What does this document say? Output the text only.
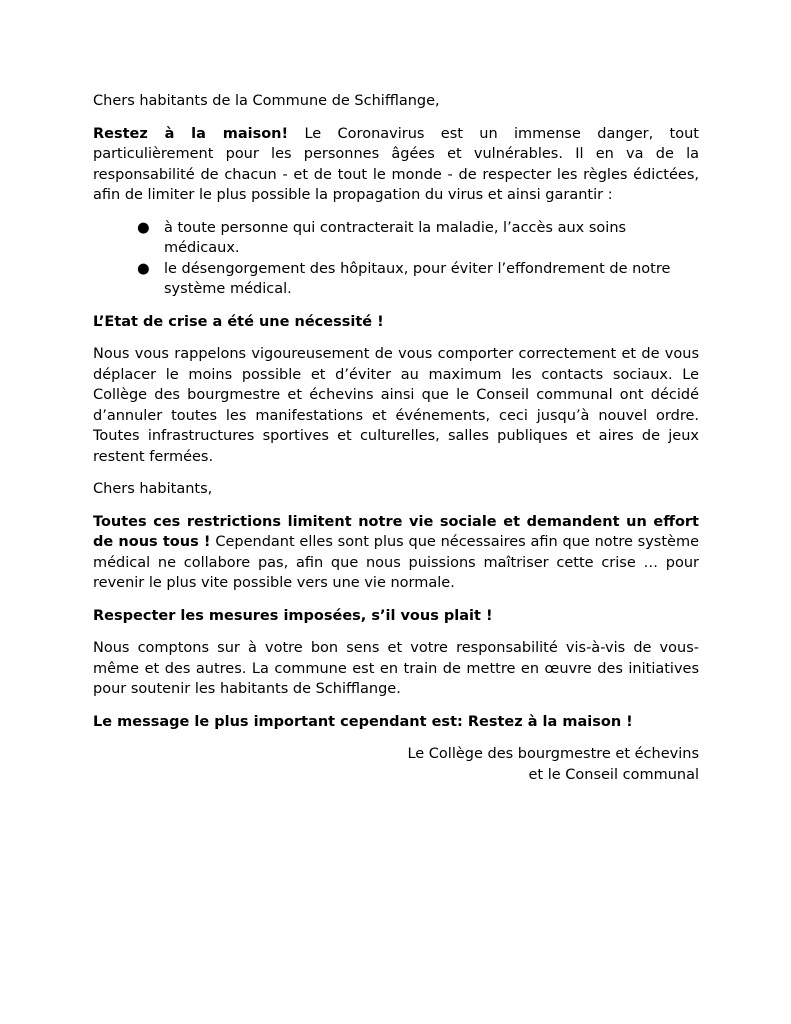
Chers habitants de la Commune de Schifflange,

Restez à la maison! Le Coronavirus est un immense danger, tout particulièrement pour les personnes âgées et vulnérables. Il en va de la responsabilité de chacun - et de tout le monde - de respecter les règles édictées, afin de limiter le plus possible la propagation du virus et ainsi garantir :

● à toute personne qui contracterait la maladie, l’accès aux soins médicaux.
● le désengorgement des hôpitaux, pour éviter l’effondrement de notre système médical.

L’Etat de crise a été une nécessité !

Nous vous rappelons vigoureusement de vous comporter correctement et de vous déplacer le moins possible et d’éviter au maximum les contacts sociaux. Le Collège des bourgmestre et échevins ainsi que le Conseil communal ont décidé d’annuler toutes les manifestations et événements, ceci jusqu’à nouvel ordre. Toutes infrastructures sportives et culturelles, salles publiques et aires de jeux restent fermées.

Chers habitants,

Toutes ces restrictions limitent notre vie sociale et demandent un effort de nous tous ! Cependant elles sont plus que nécessaires afin que notre système médical ne collabore pas, afin que nous puissions maîtriser cette crise … pour revenir le plus vite possible vers une vie normale.

Respecter les mesures imposées, s’il vous plait !

Nous comptons sur à votre bon sens et votre responsabilité vis-à-vis de vous-même et des autres. La commune est en train de mettre en œuvre des initiatives pour soutenir les habitants de Schifflange.

Le message le plus important cependant est: Restez à la maison !

Le Collège des bourgmestre et échevins
et le Conseil communal
